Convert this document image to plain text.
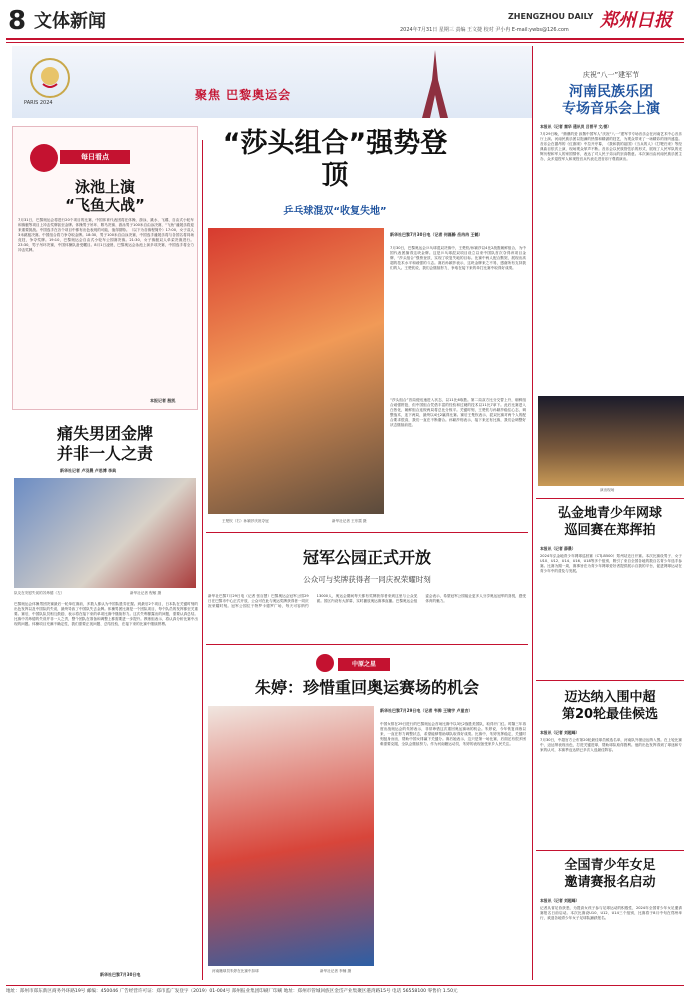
8 文体新闻	2024年7月31日 星期三 责编 王文捷 校对 尹小冉 E-mail:ywbs@126.com
ZHENGZHOU DAILY 郑州日报
PARIS 2024
聚焦 巴黎奥运会
每日看点
泳池上演
“飞鱼大战”
7月31日，巴黎奥运会将进行20个项目的比赛，中国体育代表团将在体操、游泳、跳水、飞碟、自由式小轮车和赛艇等项目上冲击奖牌甚至金牌。体操男子吊环、鞍马决赛、游泳男子100米自由泳决赛，“飞鱼”潘展乐将迎来重要挑战。中国选手在各个项目中都有出色表现的可能，值得期待。（以下为各赛程简介）17:00，女子双人3米跳板决赛。中国组合将力争夺取金牌。18:30，男子100米自由泳决赛，中国选手潘展乐将与各国名将同场竞技，争夺奖牌。19:10，巴黎奥运会自由式小轮车公园赛决赛。21:30，女子赛艇双人单桨决赛进行。23:30，男子吊环决赛，中国体操队备受瞩目。8月1日凌晨，巴黎奥运会泳池上演多项决赛，中国选手将全力冲击奖牌。
本报记者 殷凯
痛失男团金牌
并非一人之责
新华社记者 卢羽晨 卢思博 李典
队友在安慰失误的苏炜德（左）	新华社记者 程敏 摄
巴黎奥运会体操男团决赛最后一轮单杠赛前，多数人都认为中国队胜券在握。到最后2个项目，日本队在关键时刻的出色发挥以及中国队的失误，最终导致了中国队失去金牌。体操男团比赛是一个团队项目，每个队员的发挥都至关重要。赛后，中国队队员相互鼓励，表示将在接下来的单项比赛中继续努力。这次失利暴露出的问题，需要认真总结。比赛中苏炜德的失误并非一人之责，整个团队在准备和调整上都需要进一步提升。教练组表示，将认真分析比赛中出现的问题。体操项目充满不确定性，我们需要正视问题、总结经验，在接下来的比赛中继续拼搏。
新华社巴黎7月30日电
“莎头组合”强势登顶
乒乓球混双“收复失地”
王楚钦（右）孙颖莎庆祝夺冠	新华社记者 王东震 摄
新华社巴黎7月30日电（记者 何磊静 岳冉冉 王鹤）
7月30日，巴黎奥运会乒乓球混双决赛中，王楚钦/孙颖莎以4比2战胜朝鲜组合，为中国代表团摘得这块金牌。这是乒乓球混双项目设立以来中国队首次夺得该项目金牌，“莎头组合”强势登顶，实现了收复失地的目标。比赛中两人配合默契，展现出高超的技术水平和顽强的斗志。赛后孙颖莎表示，这块金牌来之不易，感谢所有支持我们的人。王楚钦说，我们会继续努力，争取在接下来的单打比赛中取得好成绩。
“莎头组合”首局便迅速进入状态，以11比6取胜。第二局双方比分交替上升，朝鲜组合顽强拼抢，但中国组合凭借丰富的经验和过硬的技术以11比7拿下。此后比赛进入白热化，朝鲜组合连扳两局将总比分扳平。关键时刻，王楚钦与孙颖莎稳住心态，调整战术，连下两局，最终以4比2赢得比赛。赛后王楚钦表示，混双比赛对两个人的配合要求很高，我们一直在不断磨合。孙颖莎则表示，接下来还有比赛，我们会调整好状态继续前进。
冠军公园正式开放
公众可与奖牌获得者一同庆祝荣耀时刻
新华社巴黎7月29日电（记者 张百慧）巴黎奥运会冠军公园29日在巴黎市中心正式开放，公众可在此与奥运奖牌获得者一同庆祝荣耀时刻。冠军公园位于特罗卡德罗广场，每天可容纳约13000人，奥运会期间每天都有奖牌获得者来到这里与公众见面。园区内设有大屏幕，实时播放奥运赛事直播。巴黎奥运会组委会表示，希望冠军公园能让更多人分享奥运冠军的喜悦，感受体育的魅力。
中原之星
朱婷：珍惜重回奥运赛场的机会
河南籍球员朱婷在比赛中扣球	新华社记者 李楠 摄
新华社巴黎7月29日电（记者 韦骅 王镜宇 卢星吉）
中国女排在29日进行的巴黎奥运会首场比赛中以3比2战胜美国队，取得开门红。时隔三年再度出战奥运会的朱婷表示，非常珍惜这次重回奥运赛场的机会。朱婷说，今年恢复训练以来，一直在努力调整状态，希望能够帮助球队取得好成绩。比赛中，朱婷发挥稳定，关键时刻挺身而出，帮助中国女排赢下关键分。赛后她表示，这只是第一场比赛，后面还有很多困难需要克服，全队会继续努力。作为河南籍运动员，朱婷的表现备受家乡人民关注。
庆祝“八一”建军节
河南民族乐团
专场音乐会上演
本报讯（记者 秦华 通讯员 吕晋平 文/图）
7月29日晚，“鼎鼎的爱 致敬中国军人”庆祝“八一”建军节专场音乐会在河南艺术中心音乐厅上演。河南民族乐团以饱满的热情和精湛的技艺，为观众带来了一场精彩的视听盛宴。音乐会在激昂的《红旗颂》中拉开序幕，《我和我的祖国》《当兵的人》《打靶归来》等经典曲目依次上演，现场观众掌声不断。音乐会以民族管弦乐的形式，展现了人民军队的光辉历程和军人的家国情怀，表达了对人民子弟兵的崇高敬意。本次演出由河南民族乐团主办，众多退役军人和现役官兵代表走进音乐厅观看演出。
演出现场
弘金地青少年网球
巡回赛在郑挥拍
本报讯（记者 薛晨）
2024年弘金地青少年网球巡回赛（CTJ-B500）郑州站近日开赛。本次比赛设男子、女子U10、U12、U14、U16、U18等多个组别，吸引了来自全国各地的数百名青少年选手参赛。比赛为期一周，赛事旨在为青少年网球爱好者提供展示自我的平台，促进网球运动在青少年中的普及与发展。
迈达纳入围中超
第20轮最佳候选
本报讯（记者 刘超峰）
7月30日，中超官方公布第20轮最佳球员候选名单，河南队外援迈达纳入围。在上轮比赛中，迈达纳表现出色，打进关键进球，帮助球队取得胜利。他的出色发挥得到了球迷和专家的认可，本赛季迈达纳已多次入选最佳阵容。
全国青少年女足
邀请赛报名启动
本报讯（记者 刘超峰）
记者从省足协获悉，为提高女孩子参与足球运动的积极性，2024年全国青少年女足邀请赛报名日前启动。本次比赛设U10、U12、U14三个组别，比赛将于8月中旬在郑州举行，欢迎各地青少年女子足球队踊跃报名。
地址：郑州市郑东新区商务外环路19号 邮编：450046 广告经营许可证：郑市监广发登字（2019）01-004号 郑州报业集团印刷厂印刷 地址：郑州市管城回族区金岱产业集聚区港湾路15号 电话 56558100 零售价 1.50元
